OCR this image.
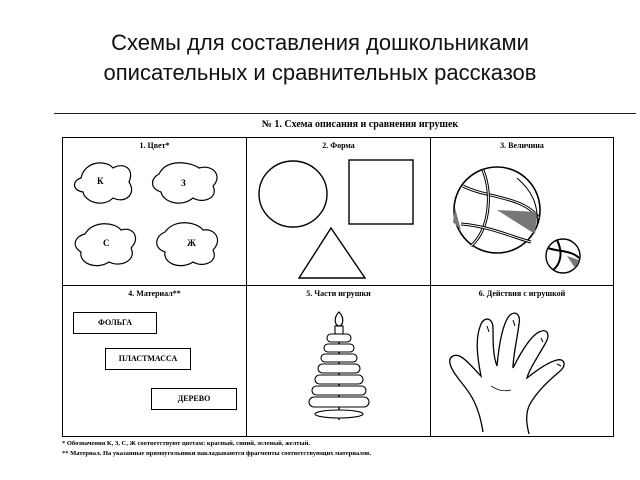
Схемы для составления дошкольниками
описательных и сравнительных рассказов
№ 1. Схема описания и сравнения игрушек
1. Цвет*
К	З
С	Ж
2. Форма	3. Величина
4. Материал**
ФОЛЬГА
ПЛАСТМАССА
ДЕРЕВО
5. Части игрушки	6. Действия с игрушкой
* Обозначения К, З, С, Ж соответствуют цветам: красный, синий, зеленый, желтый.
** Материал. На указанные прямоугольники накладываются фрагменты соответствующих материалов.
